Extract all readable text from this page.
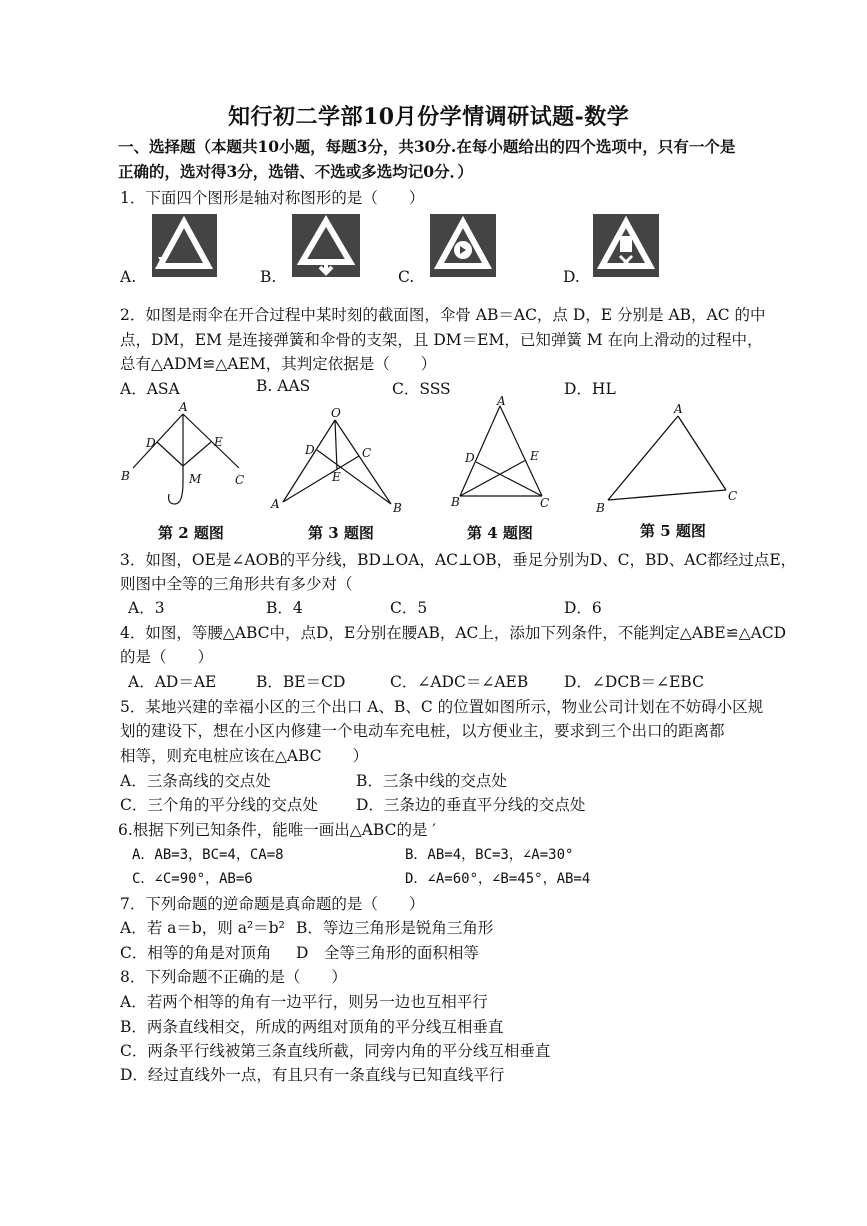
知行初二学部10月份学情调研试题-数学
一、选择题（本题共10小题，每题3分，共30分.在每小题给出的四个选项中，只有一个是
正确的，选对得3分，选错、不选或多选均记0分．）
1．下面四个图形是轴对称图形的是（　　）
A.	B.	C.	D.
2．如图是雨伞在开合过程中某时刻的截面图，伞骨 AB＝AC，点 D，E 分别是 AB，AC 的中
点，DM，EM 是连接弹簧和伞骨的支架，且 DM＝EM，已知弹簧 M 在向上滑动的过程中，
总有△ADM≌△AEM，其判定依据是（　　）
A．ASA	B. AAS	C．SSS	D．HL
A
D	E
B	M	C
O
D	C
E
A	B
A
D	E
B	C
A
B
C
第 2 题图	第 3 题图	第 4 题图	第 5 题图
3．如图，OE是∠AOB的平分线，BD⊥OA，AC⊥OB，垂足分别为D、C，BD、AC都经过点E，
则图中全等的三角形共有多少对（
A．3	B．4	C．5	D．6
4．如图，等腰△ABC中，点D，E分别在腰AB，AC上，添加下列条件，不能判定△ABE≌△ACD
的是（　　）
A．AD＝AE	B．BE＝CD	C．∠ADC＝∠AEB D．∠DCB＝∠EBC
5．某地兴建的幸福小区的三个出口 A、B、C 的位置如图所示，物业公司计划在不妨碍小区规
划的建设下，想在小区内修建一个电动车充电桩，以方便业主，要求到三个出口的距离都
相等，则充电桩应该在△ABC　　）
A．三条高线的交点处	B．三条中线的交点处
C．三个角的平分线的交点处 D．三条边的垂直平分线的交点处
6.根据下列已知条件，能唯一画出△ABC的是 ′
A．AB=3，BC=4，CA=8	B．AB=4，BC=3，∠A=30°
C．∠C=90°，AB=6	D．∠A=60°，∠B=45°，AB=4
7．下列命题的逆命题是真命题的是（　　）
A．若 a＝b，则 a²＝b² B．等边三角形是锐角三角形
C．相等的角是对顶角 D　全等三角形的面积相等
8．下列命题不正确的是（　　）
A．若两个相等的角有一边平行，则另一边也互相平行
B．两条直线相交，所成的两组对顶角的平分线互相垂直
C．两条平行线被第三条直线所截，同旁内角的平分线互相垂直
D．经过直线外一点，有且只有一条直线与已知直线平行
